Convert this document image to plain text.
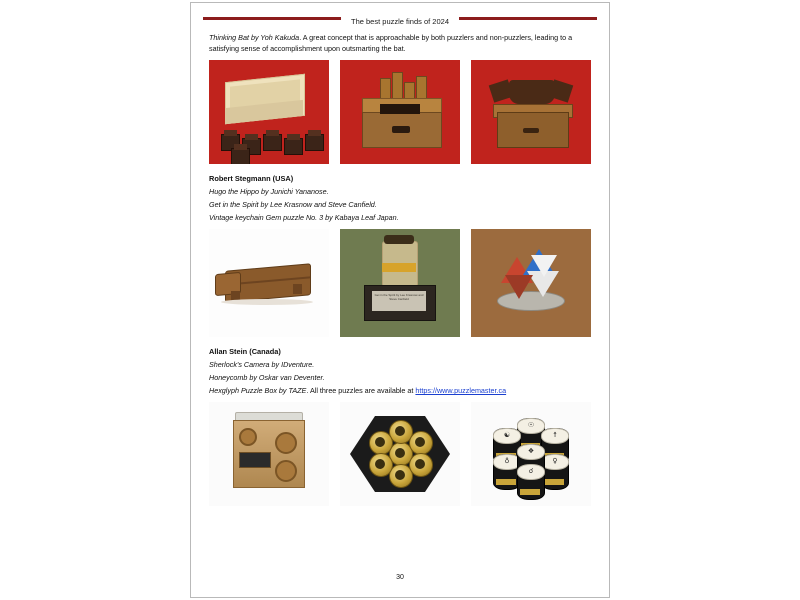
The best puzzle finds of 2024

Thinking Bat by Yoh Kakuda. A great concept that is approachable by both puzzlers and non-puzzlers, leading to a satisfying sense of accomplishment upon outsmarting the bat.

Robert Stegmann (USA)
Hugo the Hippo by Junichi Yananose.
Get in the Spirit by Lee Krasnow and Steve Canfield.
Vintage keychain Gem puzzle No. 3 by Kabaya Leaf Japan.
Get in the Spirit by Lee Krasnow and Steve Canfield
Allan Stein (Canada)
Sherlock's Camera by IDventure.
Honeycomb by Oskar van Deventer.
Hexglyph Puzzle Box by TAZE. All three puzzles are available at https://www.puzzlemaster.ca
☉
☯	☨
♁	♀
❖
☌
30
